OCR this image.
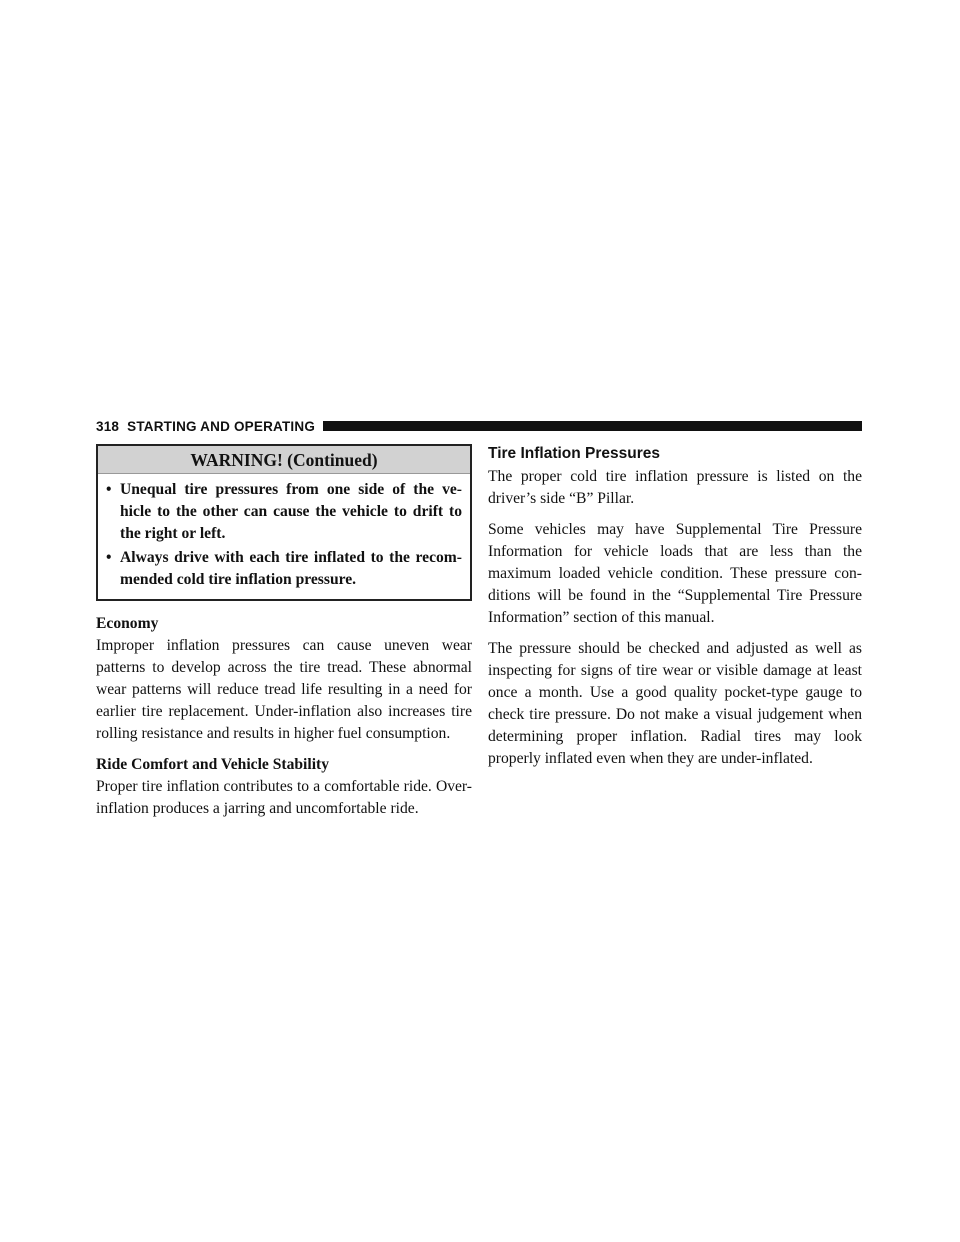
318 STARTING AND OPERATING
WARNING! (Continued)
• Unequal tire pressures from one side of the ve- hicle to the other can cause the vehicle to drift to the right or left.
• Always drive with each tire inflated to the recom- mended cold tire inflation pressure.
Economy

Improper inflation pressures can cause uneven wear patterns to develop across the tire tread. These abnormal wear patterns will reduce tread life resulting in a need for earlier tire replacement. Under-inflation also increases tire rolling resistance and results in higher fuel consumption.

Ride Comfort and Vehicle Stability

Proper tire inflation contributes to a comfortable ride. Over-inflation produces a jarring and uncomfortable ride.

Tire Inflation Pressures

The proper cold tire inflation pressure is listed on the driver’s side “B” Pillar.

Some vehicles may have Supplemental Tire Pressure Information for vehicle loads that are less than the maximum loaded vehicle condition. These pressure con- ditions will be found in the “Supplemental Tire Pressure Information” section of this manual.

The pressure should be checked and adjusted as well as inspecting for signs of tire wear or visible damage at least once a month. Use a good quality pocket-type gauge to check tire pressure. Do not make a visual judgement when determining proper inflation. Radial tires may look properly inflated even when they are under-inflated.
